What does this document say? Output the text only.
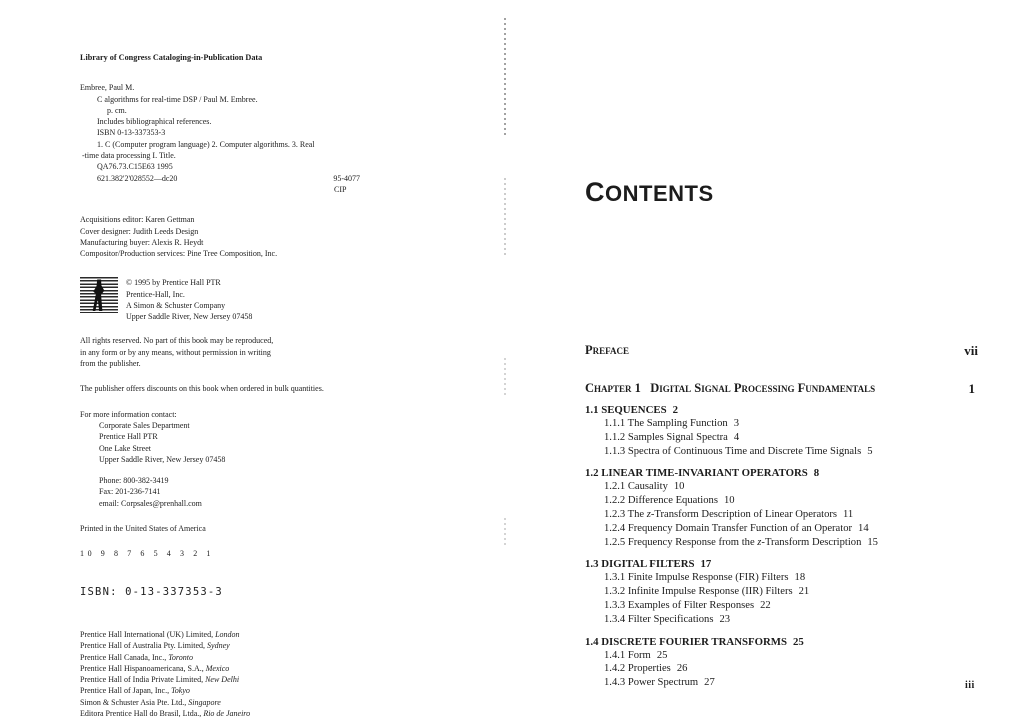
Library of Congress Cataloging-in-Publication Data

Embree, Paul M.
C algorithms for real-time DSP / Paul M. Embree.
p. cm.
Includes bibliographical references.
ISBN 0-13-337353-3
1. C (Computer program language) 2. Computer algorithms. 3. Real
-time data processing I. Title.
QA76.73.C15E63 1995
621.382'2'028552—dc20	95-4077
CIP
Acquisitions editor: Karen Gettman
Cover designer: Judith Leeds Design
Manufacturing buyer: Alexis R. Heydt
Compositor/Production services: Pine Tree Composition, Inc.
© 1995 by Prentice Hall PTR
Prentice-Hall, Inc.
A Simon & Schuster Company
Upper Saddle River, New Jersey 07458
All rights reserved. No part of this book may be reproduced,
in any form or by any means, without permission in writing
from the publisher.
The publisher offers discounts on this book when ordered in bulk quantities.
For more information contact:
Corporate Sales Department
Prentice Hall PTR
One Lake Street
Upper Saddle River, New Jersey 07458
Phone: 800-382-3419
Fax: 201-236-7141
email: Corpsales@prenhall.com
Printed in the United States of America
10 9 8 7 6 5 4 3 2 1
ISBN: 0-13-337353-3
Prentice Hall International (UK) Limited, London
Prentice Hall of Australia Pty. Limited, Sydney
Prentice Hall Canada, Inc., Toronto
Prentice Hall Hispanoamericana, S.A., Mexico
Prentice Hall of India Private Limited, New Delhi
Prentice Hall of Japan, Inc., Tokyo
Simon & Schuster Asia Pte. Ltd., Singapore
Editora Prentice Hall do Brasil, Ltda., Rio de Janeiro
CONTENTS
Preface	vii
Chapter 1 Digital Signal Processing Fundamentals	1
1.1 SEQUENCES 2
1.1.1 The Sampling Function 3
1.1.2 Samples Signal Spectra 4
1.1.3 Spectra of Continuous Time and Discrete Time Signals 5
1.2 LINEAR TIME-INVARIANT OPERATORS 8
1.2.1 Causality 10
1.2.2 Difference Equations 10
1.2.3 The z-Transform Description of Linear Operators 11
1.2.4 Frequency Domain Transfer Function of an Operator 14
1.2.5 Frequency Response from the z-Transform Description 15
1.3 DIGITAL FILTERS 17
1.3.1 Finite Impulse Response (FIR) Filters 18
1.3.2 Infinite Impulse Response (IIR) Filters 21
1.3.3 Examples of Filter Responses 22
1.3.4 Filter Specifications 23
1.4 DISCRETE FOURIER TRANSFORMS 25
1.4.1 Form 25
1.4.2 Properties 26
1.4.3 Power Spectrum 27	iii
